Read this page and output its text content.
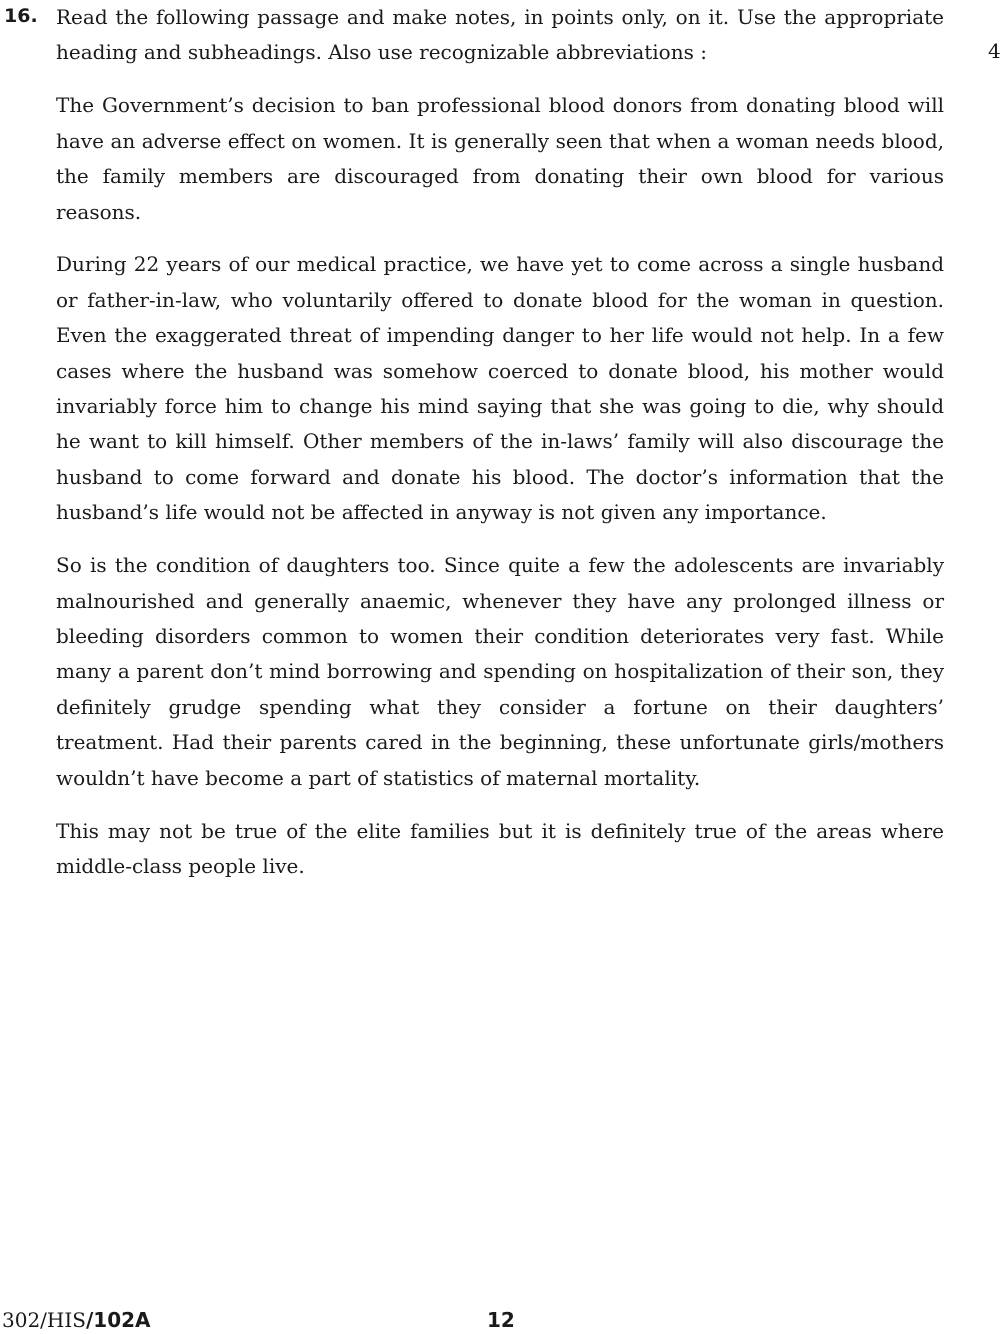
16.
4

Read the following passage and make notes, in points only, on it. Use the appropriate heading and subheadings. Also use recognizable abbreviations :

The Government’s decision to ban professional blood donors from donating blood will have an adverse effect on women. It is generally seen that when a woman needs blood, the family members are discouraged from donating their own blood for various reasons.

During 22 years of our medical practice, we have yet to come across a single husband or father-in-law, who voluntarily offered to donate blood for the woman in question. Even the exaggerated threat of impending danger to her life would not help. In a few cases where the husband was somehow coerced to donate blood, his mother would invariably force him to change his mind saying that she was going to die, why should he want to kill himself. Other members of the in-laws’ family will also discourage the husband to come forward and donate his blood. The doctor’s information that the husband’s life would not be affected in anyway is not given any importance.

So is the condition of daughters too. Since quite a few the adolescents are invariably malnourished and generally anaemic, whenever they have any prolonged illness or bleeding disorders common to women their condition deteriorates very fast. While many a parent don’t mind borrowing and spending on hospitalization of their son, they definitely grudge spending what they consider a fortune on their daughters’ treatment. Had their parents cared in the beginning, these unfortunate girls/mothers wouldn’t have become a part of statistics of maternal mortality.

This may not be true of the elite families but it is definitely true of the areas where middle-class people live.

302/HIS/102A	12
